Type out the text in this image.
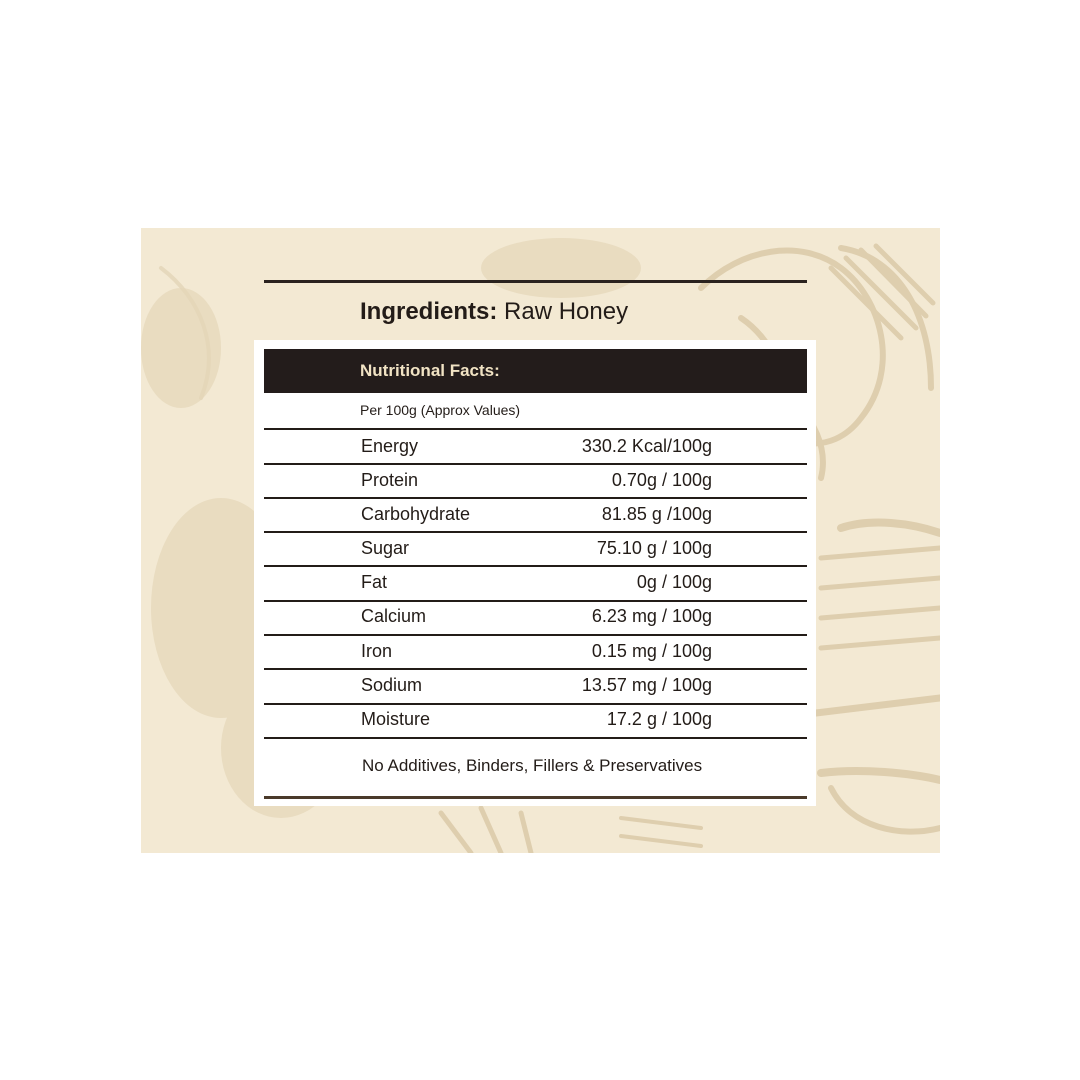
Ingredients: Raw Honey
Nutritional Facts:
Per 100g (Approx Values)
Energy	330.2 Kcal/100g
Protein	0.70g / 100g
Carbohydrate	81.85 g /100g
Sugar	75.10 g / 100g
Fat	0g / 100g
Calcium	6.23 mg / 100g
Iron	0.15 mg / 100g
Sodium	13.57 mg / 100g
Moisture	17.2 g / 100g
No Additives, Binders, Fillers & Preservatives
